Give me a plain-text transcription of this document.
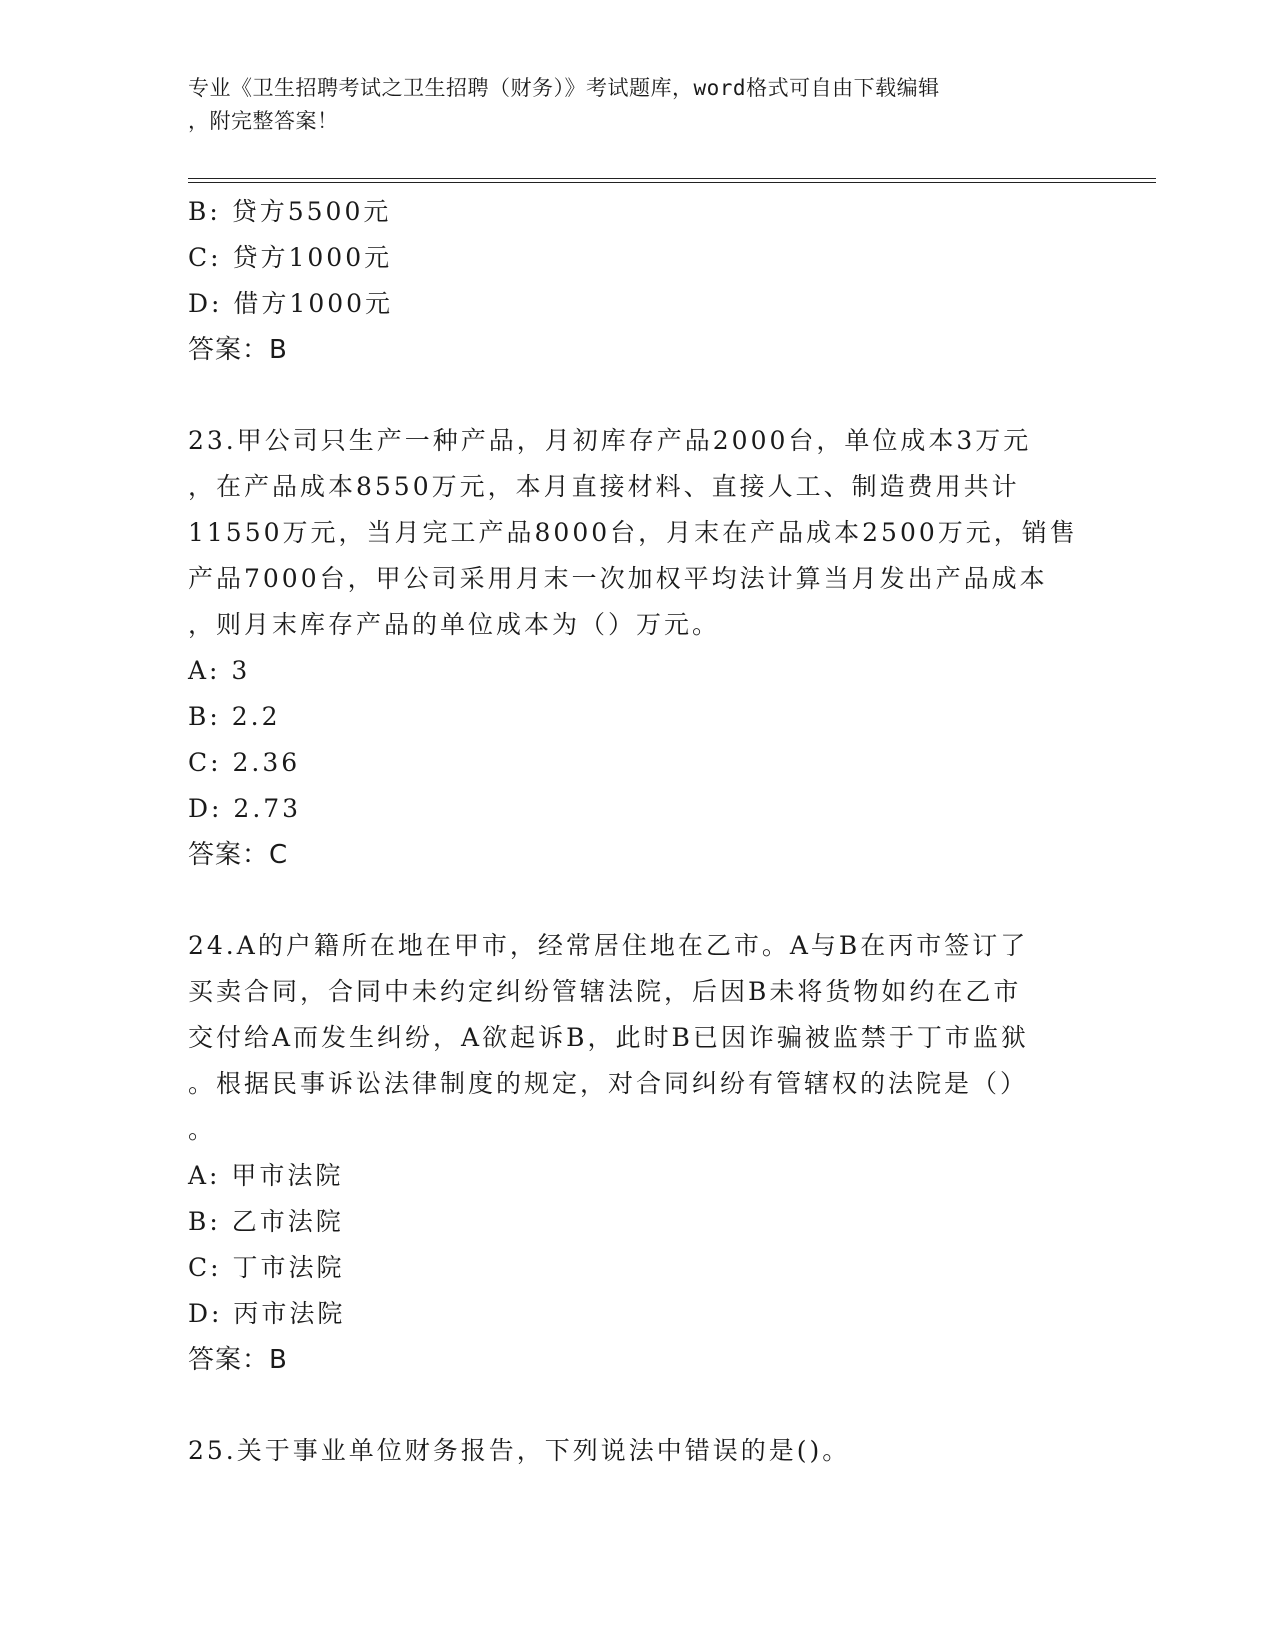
专业《卫生招聘考试之卫生招聘（财务）》考试题库，word格式可自由下载编辑
，附完整答案！
B: 贷方5500元
C: 贷方1000元
D: 借方1000元
答案：B
23.甲公司只生产一种产品，月初库存产品2000台，单位成本3万元
，在产品成本8550万元，本月直接材料、直接人工、制造费用共计
11550万元，当月完工产品8000台，月末在产品成本2500万元，销售
产品7000台，甲公司采用月末一次加权平均法计算当月发出产品成本
，则月末库存产品的单位成本为（）万元。
A: 3
B: 2.2
C: 2.36
D: 2.73
答案：C
24.A的户籍所在地在甲市，经常居住地在乙市。A与B在丙市签订了
买卖合同，合同中未约定纠纷管辖法院，后因B未将货物如约在乙市
交付给A而发生纠纷，A欲起诉B，此时B已因诈骗被监禁于丁市监狱
。根据民事诉讼法律制度的规定，对合同纠纷有管辖权的法院是（）
。
A: 甲市法院
B: 乙市法院
C: 丁市法院
D: 丙市法院
答案：B
25.关于事业单位财务报告，下列说法中错误的是()。
